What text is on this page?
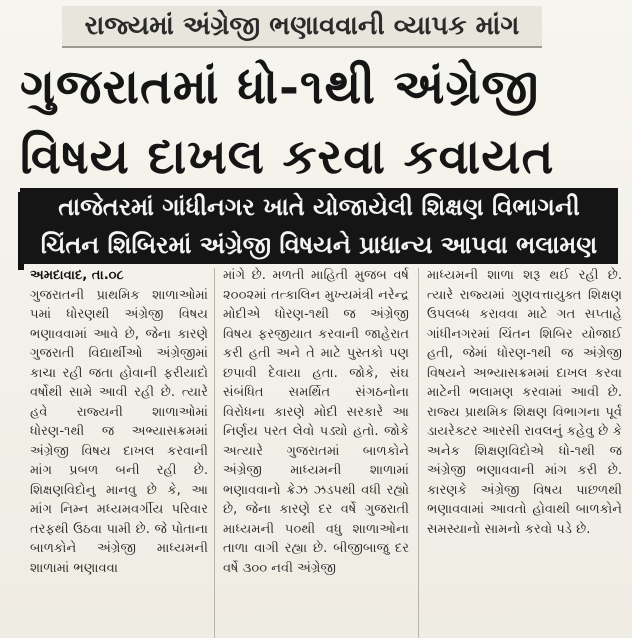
રાજ્યમાં અંગ્રેજી ભણાવવાની વ્યાપક માંગ
ગુજરાતમાં ધો-૧થી અંગ્રેજી
વિષય દાખલ કરવા કવાયત
તાજેતરમાં ગાંધીનગર ખાતે યોજાયેલી શિક્ષણ વિભાગની
ચિંતન શિબિરમાં અંગ્રેજી વિષયને પ્રાધાન્ય આપવા ભલામણ

અમદાવાદ, તા.૦૮
ગુજરાતની પ્રાથમિક શાળાઓમાં ૫માં ધોરણથી અંગ્રેજી વિષય ભણાવવામાં આવે છે, જેના કારણે ગુજરાતી વિદ્યાર્થીઓ અંગ્રેજીમાં કાચા રહી જતા હોવાની ફરીયાદો વર્ષોથી સામે આવી રહી છે. ત્યારે હવે રાજ્યની શાળાઓમાં ધોરણ-૧થી જ અભ્યાસક્રમમાં અંગ્રેજી વિષય દાખલ કરવાની માંગ પ્રબળ બની રહી છે. શિક્ષણવિદોનુ માનવુ છે કે, આ માંગ નિમ્ન મધ્યમવર્ગીય પરિવાર તરફથી ઉઠવા પામી છે. જે પોતાના બાળકોને અંગ્રેજી માધ્યમની શાળામાં ભણાવવા

માંગે છે. મળતી માહિતી મુજબ વર્ષ ૨૦૦૨માં તત્કાલિન મુખ્યમંત્રી નરેન્દ્ર મોદીએ ધોરણ-૧થી જ અંગ્રેજી વિષય ફરજીયાત કરવાની જાહેરાત કરી હતી અને તે માટે પુસ્તકો પણ છપાવી દેવાયા હતા. જોકે, સંઘ સંબંધિત સમર્થિત સંગઠનોના વિરોધના કારણે મોદી સરકારે આ નિર્ણય પરત લેવો પડ્યો હતો. જોકે અત્યારે ગુજરાતમાં બાળકોને અંગ્રેજી માધ્યમની શાળામાં ભણાવવાનો ક્રેઝ ઝડપથી વધી રહ્યો છે, જેના કારણે દર વર્ષે ગુજરાતી માધ્યમની ૫૦થી વધુ શાળાઓના તાળા વાગી રહ્યા છે. બીજીબાજુ દર વર્ષે ૩૦૦ નવી અંગ્રેજી

માધ્યમની શાળા શરૂ થઈ રહી છે. ત્યારે રાજ્યમાં ગુણવત્તાયુક્ત શિક્ષણ ઉપલબ્ધ કરાવવા માટે ગત સપ્તાહે ગાંધીનગરમાં ચિંતન શિબિર યોજાઈ હતી, જેમાં ધોરણ-૧થી જ અંગ્રેજી વિષયને અભ્યાસક્રમમાં દાખલ કરવા માટેની ભલામણ કરવામાં આવી છે. રાજ્ય પ્રાથમિક શિક્ષણ વિભાગના પૂર્વ ડાયરેક્ટર આરસી રાવલનું કહેવુ છે કે અનેક શિક્ષણવિદોએ ધો-૧થી જ અંગ્રેજી ભણાવવાની માંગ કરી છે. કારણકે અંગ્રેજી વિષય પાછળથી ભણાવવામાં આવતો હોવાથી બાળકોને સમસ્યાનો સામનો કરવો પડે છે.
